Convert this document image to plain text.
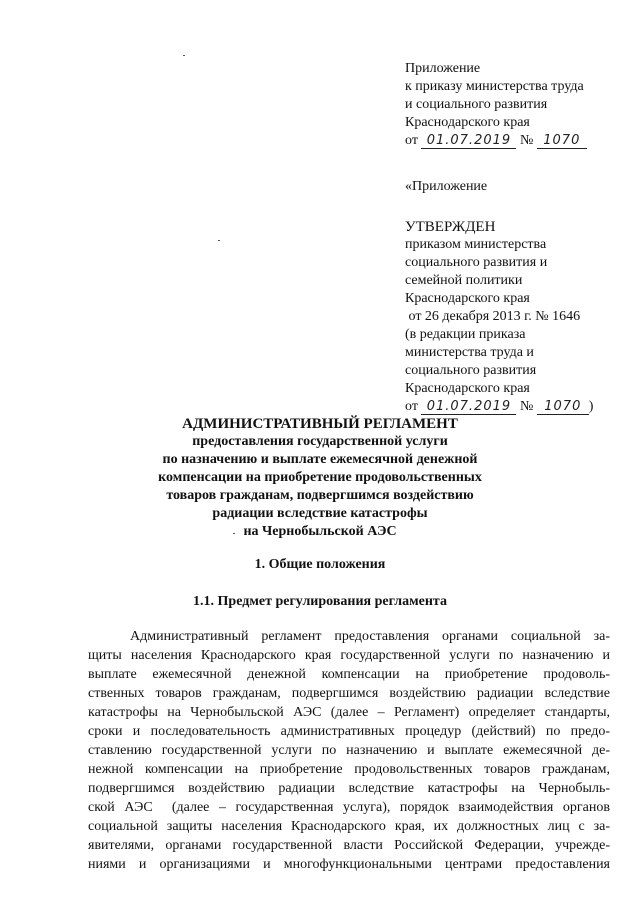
Приложение
к приказу министерства труда
и социального развития
Краснодарского края
от 01.07.2019 № 1070
«Приложение
УТВЕРЖДЕН
приказом министерства
социального развития и
семейной политики
Краснодарского края
от 26 декабря 2013 г. № 1646
(в редакции приказа
министерства труда и
социального развития
Краснодарского края
от 01.07.2019 № 1070 )
АДМИНИСТРАТИВНЫЙ РЕГЛАМЕНТ
предоставления государственной услуги
по назначению и выплате ежемесячной денежной
компенсации на приобретение продовольственных
товаров гражданам, подвергшимся воздействию
радиации вследствие катастрофы
на Чернобыльской АЭС
1. Общие положения
1.1. Предмет регулирования регламента
Административный регламент предоставления органами социальной за-
щиты населения Краснодарского края государственной услуги по назначению и
выплате ежемесячной денежной компенсации на приобретение продоволь-
ственных товаров гражданам, подвергшимся воздействию радиации вследствие
катастрофы на Чернобыльской АЭС (далее – Регламент) определяет стандарты,
сроки и последовательность административных процедур (действий) по предо-
ставлению государственной услуги по назначению и выплате ежемесячной де-
нежной компенсации на приобретение продовольственных товаров гражданам,
подвергшимся воздействию радиации вследствие катастрофы на Чернобыль-
ской АЭС  (далее – государственная услуга), порядок взаимодействия органов
социальной защиты населения Краснодарского края, их должностных лиц с за-
явителями, органами государственной власти Российской Федерации, учрежде-
ниями и организациями и многофункциональными центрами предоставления
